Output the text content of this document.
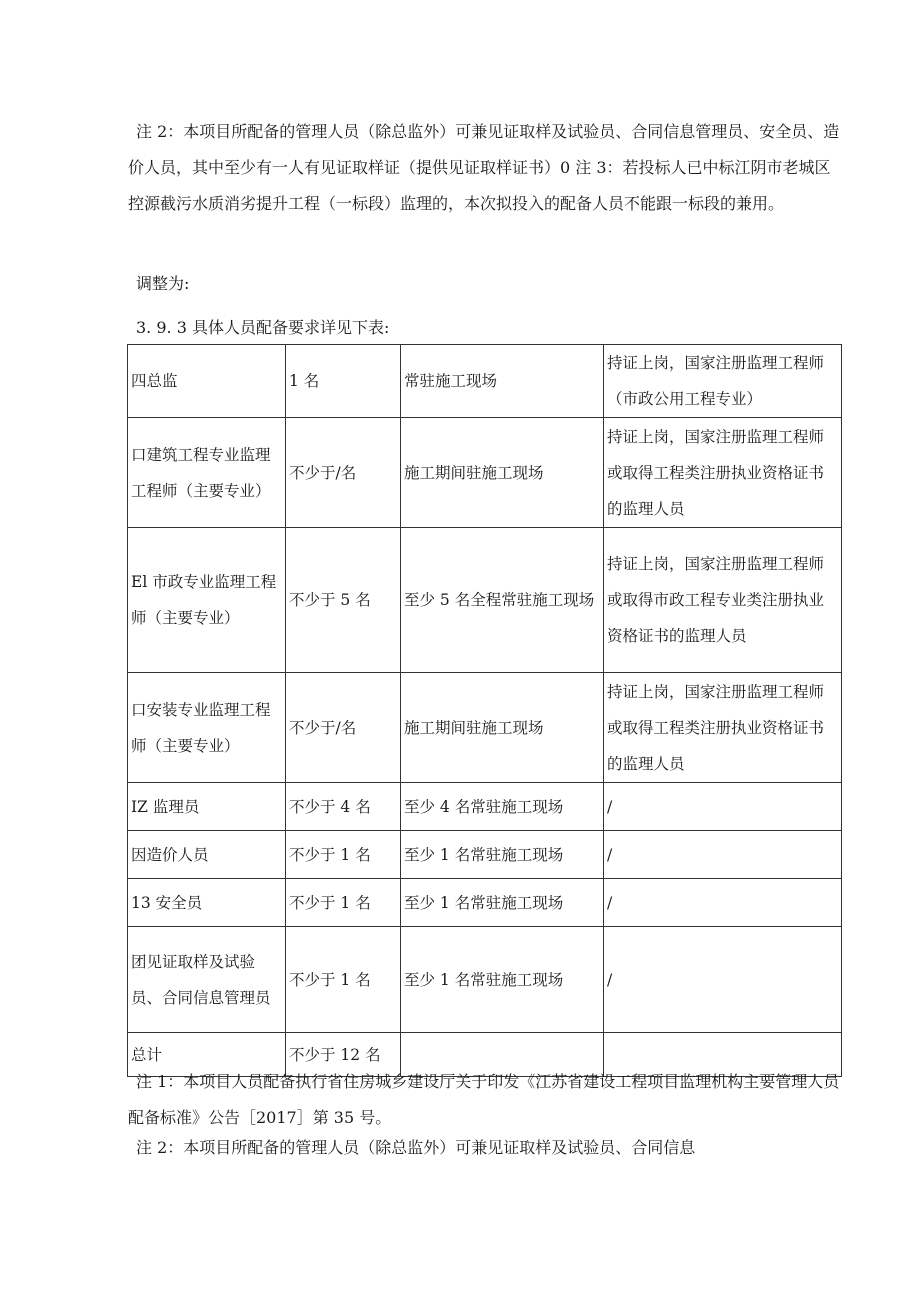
注 2：本项目所配备的管理人员（除总监外）可兼见证取样及试验员、合同信息管理员、安全员、造价人员，其中至少有一人有见证取样证（提供见证取样证书）0 注 3：若投标人已中标江阴市老城区控源截污水质消劣提升工程（一标段）监理的，本次拟投入的配备人员不能跟一标段的兼用。

调整为:

3. 9. 3 具体人员配备要求详见下表:

四总监	1 名	常驻施工现场	持证上岗，国家注册监理工程师（市政公用工程专业）
口建筑工程专业监理工程师（主要专业）	不少于/名	施工期间驻施工现场	持证上岗，国家注册监理工程师或取得工程类注册执业资格证书的监理人员
El 市政专业监理工程师（主要专业）	不少于 5 名	至少 5 名全程常驻施工现场	持证上岗，国家注册监理工程师或取得市政工程专业类注册执业资格证书的监理人员
口安装专业监理工程师（主要专业）	不少于/名	施工期间驻施工现场	持证上岗，国家注册监理工程师或取得工程类注册执业资格证书的监理人员
IZ 监理员	不少于 4 名	至少 4 名常驻施工现场	/
因造价人员	不少于 1 名	至少 1 名常驻施工现场	/
13 安全员	不少于 1 名	至少 1 名常驻施工现场	/
团见证取样及试验员、合同信息管理员	不少于 1 名	至少 1 名常驻施工现场	/
总计	不少于 12 名		

注 1：本项目人员配备执行省住房城乡建设厅关于印发《江苏省建设工程项目监理机构主要管理人员配备标准》公告［2017］第 35 号。

注 2：本项目所配备的管理人员（除总监外）可兼见证取样及试验员、合同信息
